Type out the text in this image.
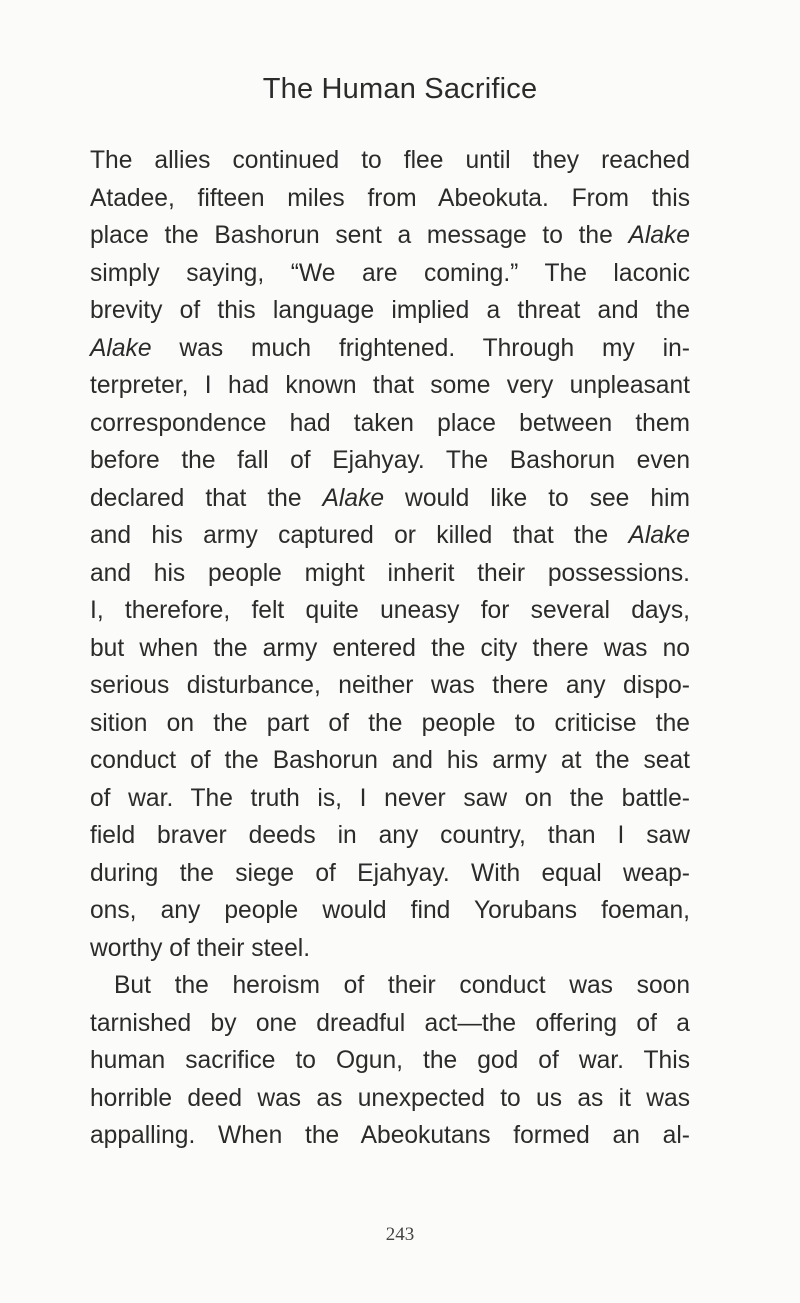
The Human Sacrifice
The allies continued to flee until they reached
Atadee, fifteen miles from Abeokuta. From this
place the Bashorun sent a message to the Alake
simply saying, “We are coming.” The laconic
brevity of this language implied a threat and the
Alake was much frightened. Through my in-
terpreter, I had known that some very unpleasant
correspondence had taken place between them
before the fall of Ejahyay. The Bashorun even
declared that the Alake would like to see him
and his army captured or killed that the Alake
and his people might inherit their possessions.
I, therefore, felt quite uneasy for several days,
but when the army entered the city there was no
serious disturbance, neither was there any dispo-
sition on the part of the people to criticise the
conduct of the Bashorun and his army at the seat
of war. The truth is, I never saw on the battle-
field braver deeds in any country, than I saw
during the siege of Ejahyay. With equal weap-
ons, any people would find Yorubans foeman,
worthy of their steel.
But the heroism of their conduct was soon
tarnished by one dreadful act—the offering of a
human sacrifice to Ogun, the god of war. This
horrible deed was as unexpected to us as it was
appalling. When the Abeokutans formed an al-
243
